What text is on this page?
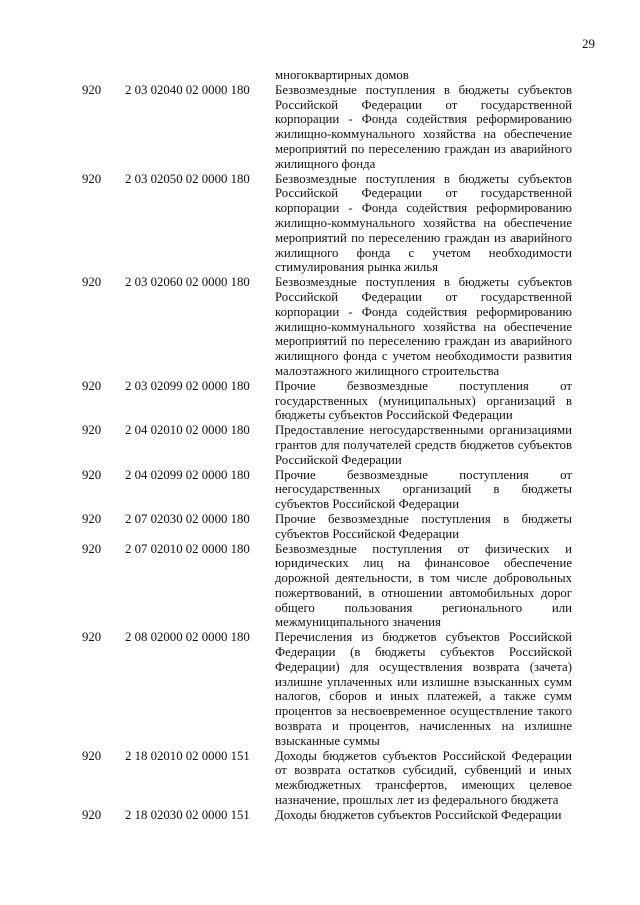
29
многоквартирных домов
920	2 03 02040 02 0000 180	Безвозмездные поступления в бюджеты субъектов Российской Федерации от государственной корпорации - Фонда содействия реформированию жилищно-коммунального хозяйства на обеспечение мероприятий по переселению граждан из аварийного жилищного фонда
920	2 03 02050 02 0000 180	Безвозмездные поступления в бюджеты субъектов Российской Федерации от государственной корпорации - Фонда содействия реформированию жилищно-коммунального хозяйства на обеспечение мероприятий по переселению граждан из аварийного жилищного фонда с учетом необходимости стимулирования рынка жилья
920	2 03 02060 02 0000 180	Безвозмездные поступления в бюджеты субъектов Российской Федерации от государственной корпорации - Фонда содействия реформированию жилищно-коммунального хозяйства на обеспечение мероприятий по переселению граждан из аварийного жилищного фонда с учетом необходимости развития малоэтажного жилищного строительства
920	2 03 02099 02 0000 180	Прочие безвозмездные поступления от государственных (муниципальных) организаций в бюджеты субъектов Российской Федерации
920	2 04 02010 02 0000 180	Предоставление негосударственными организациями грантов для получателей средств бюджетов субъектов Российской Федерации
920	2 04 02099 02 0000 180	Прочие безвозмездные поступления от негосударственных организаций в бюджеты субъектов Российской Федерации
920	2 07 02030 02 0000 180	Прочие безвозмездные поступления в бюджеты субъектов Российской Федерации
920	2 07 02010 02 0000 180	Безвозмездные поступления от физических и юридических лиц на финансовое обеспечение дорожной деятельности, в том числе добровольных пожертвований, в отношении автомобильных дорог общего пользования регионального или межмуниципального значения
920	2 08 02000 02 0000 180	Перечисления из бюджетов субъектов Российской Федерации (в бюджеты субъектов Российской Федерации) для осуществления возврата (зачета) излишне уплаченных или излишне взысканных сумм налогов, сборов и иных платежей, а также сумм процентов за несвоевременное осуществление такого возврата и процентов, начисленных на излишне взысканные суммы
920	2 18 02010 02 0000 151	Доходы бюджетов субъектов Российской Федерации от возврата остатков субсидий, субвенций и иных межбюджетных трансфертов, имеющих целевое назначение, прошлых лет из федерального бюджета
920	2 18 02030 02 0000 151	Доходы бюджетов субъектов Российской Федерации
